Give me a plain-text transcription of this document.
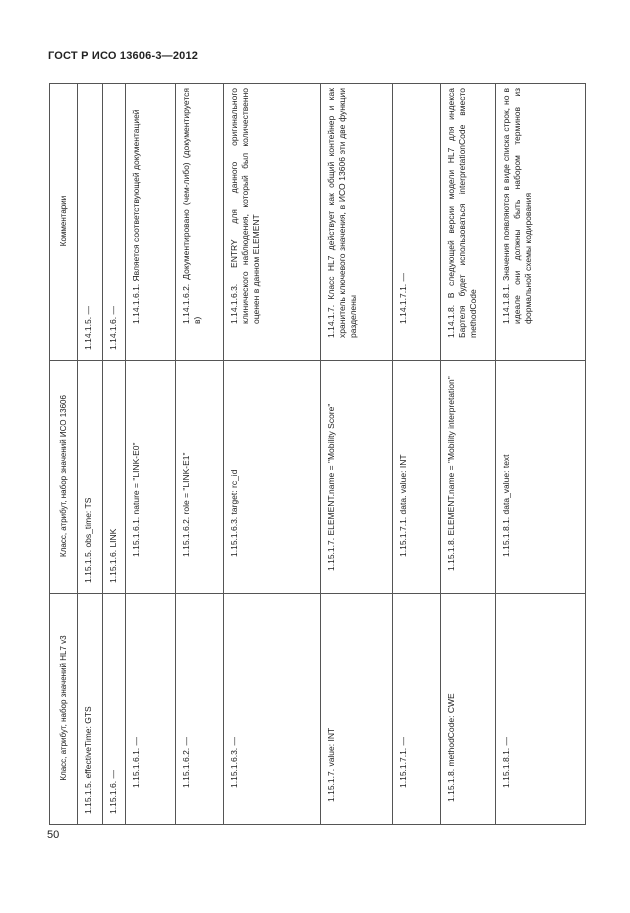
ГОСТ Р ИСО 13606-3—2012
Класс, атрибут, набор значений HL7 v3	Класс, атрибут, набор значений ИСО 13606	Комментарии
1.15.1.5. effectiveTime: GTS	1.15.1.5. obs_time: TS	1.14.1.5. —
1.15.1.6. —	1.15.1.6. LINK	1.14.1.6. —
1.15.1.6.1. —	1.15.1.6.1. nature = "LINK-E0"	1.14.1.6.1. Является соответствующей документацией
1.15.1.6.2. —	1.15.1.6.2. role = "LINK-E1"	1.14.1.6.2. Документировано (чем-либо) (документируется в)
1.15.1.6.3. —	1.15.1.6.3. target: rc_id	1.14.1.6.3. ENTRY для данного оригинального клинического наблюдения, который был количественно оценен в данном ELEMENT
1.15.1.7. value: INT	1.15.1.7. ELEMENT.name = "Mobility Score"	1.14.1.7. Класс HL7 действует как общий контейнер и как хранитель ключевого значения, в ИСО 13606 эти две функции разделены
1.15.1.7.1. —	1.15.1.7.1. data. value: INT	1.14.1.7.1. —
1.15.1.8. methodCode: CWE	1.15.1.8. ELEMENT.name = "Mobility interpretation"	1.14.1.8. В следующей версии модели HL7 для индекса Бартеля будет использоваться interpretationCode вместо methodCode
1.15.1.8.1. —	1.15.1.8.1. data_value: text	1.14.1.8.1. Значения появляются в виде списка строк, но в идеале они должны быть набором терминов из формальной схемы кодирования
50
